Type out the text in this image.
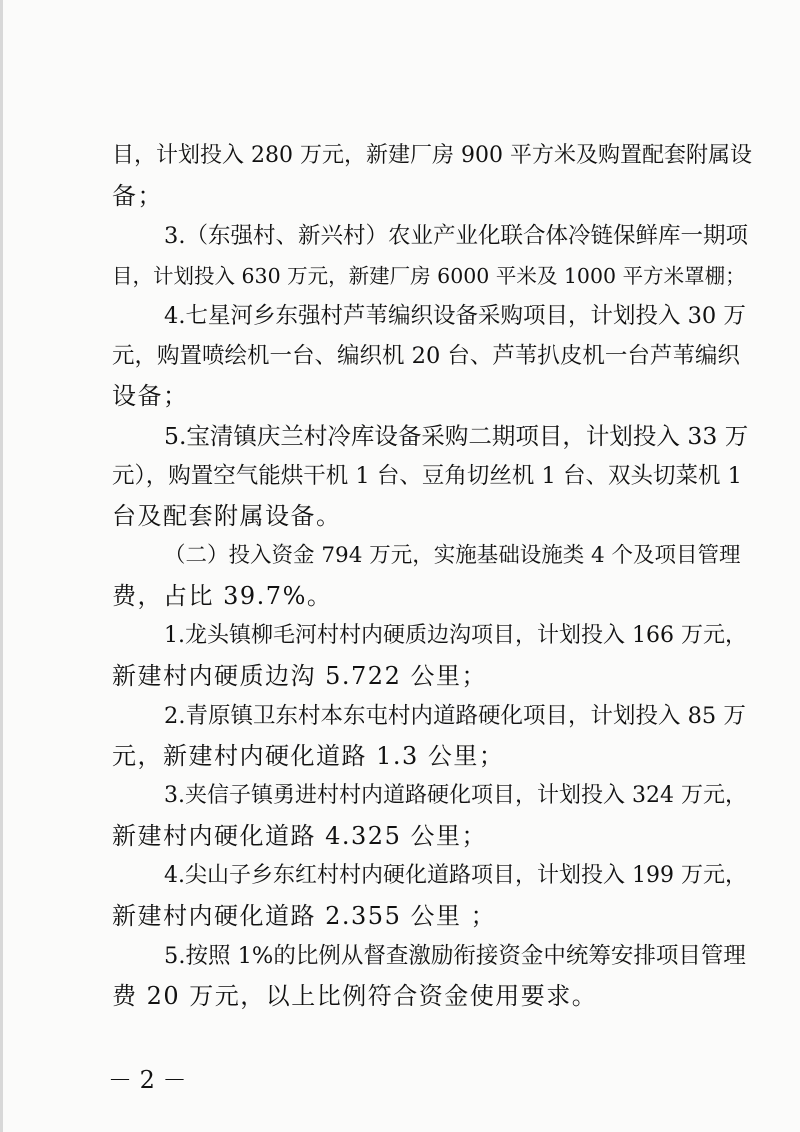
目，计划投入 280 万元，新建厂房 900 平方米及购置配套附属设

备；

3.（东强村、新兴村）农业产业化联合体冷链保鲜库一期项

目，计划投入 630 万元，新建厂房 6000 平米及 1000 平方米罩棚；

4.七星河乡东强村芦苇编织设备采购项目，计划投入 30 万

元，购置喷绘机一台、编织机 20 台、芦苇扒皮机一台芦苇编织

设备；

5.宝清镇庆兰村冷库设备采购二期项目，计划投入 33 万

元），购置空气能烘干机 1 台、豆角切丝机 1 台、双头切菜机 1

台及配套附属设备。

（二）投入资金 794 万元，实施基础设施类 4 个及项目管理

费，占比 39.7%。

1.龙头镇柳毛河村村内硬质边沟项目，计划投入 166 万元，

新建村内硬质边沟 5.722 公里；

2.青原镇卫东村本东屯村内道路硬化项目，计划投入 85 万

元，新建村内硬化道路 1.3 公里；

3.夹信子镇勇进村村内道路硬化项目，计划投入 324 万元，

新建村内硬化道路 4.325 公里；

4.尖山子乡东红村村内硬化道路项目，计划投入 199 万元，

新建村内硬化道路 2.355 公里 ；

5.按照 1%的比例从督查激励衔接资金中统筹安排项目管理

费 20 万元，以上比例符合资金使用要求。

－ 2 －
